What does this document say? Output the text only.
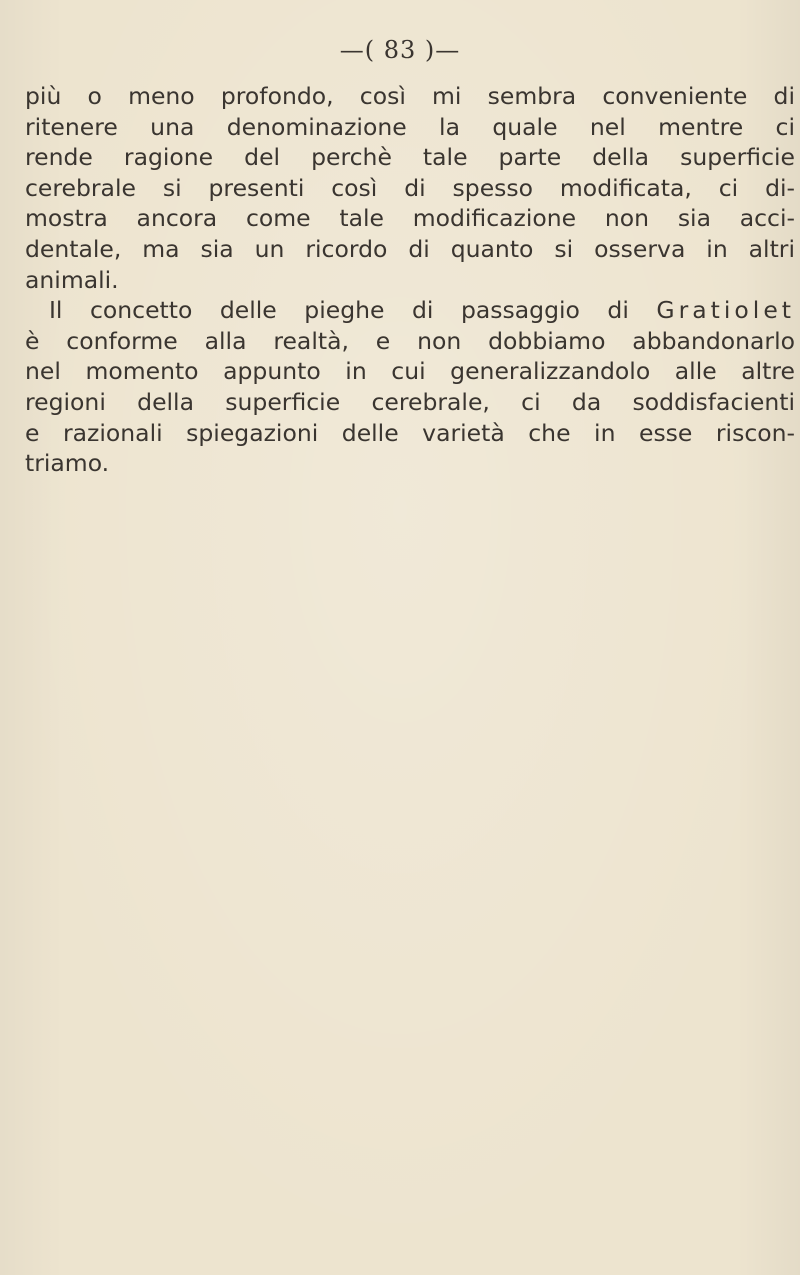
—( 83 )—

più o meno profondo, così mi sembra conveniente di
ritenere una denominazione la quale nel mentre ci
rende ragione del perchè tale parte della superficie
cerebrale si presenti così di spesso modificata, ci di-
mostra ancora come tale modificazione non sia acci-
dentale, ma sia un ricordo di quanto si osserva in altri
animali.
Il concetto delle pieghe di passaggio di Gratiolet
è conforme alla realtà, e non dobbiamo abbandonarlo
nel momento appunto in cui generalizzandolo alle altre
regioni della superficie cerebrale, ci da soddisfacienti
e razionali spiegazioni delle varietà che in esse riscon-
triamo.
